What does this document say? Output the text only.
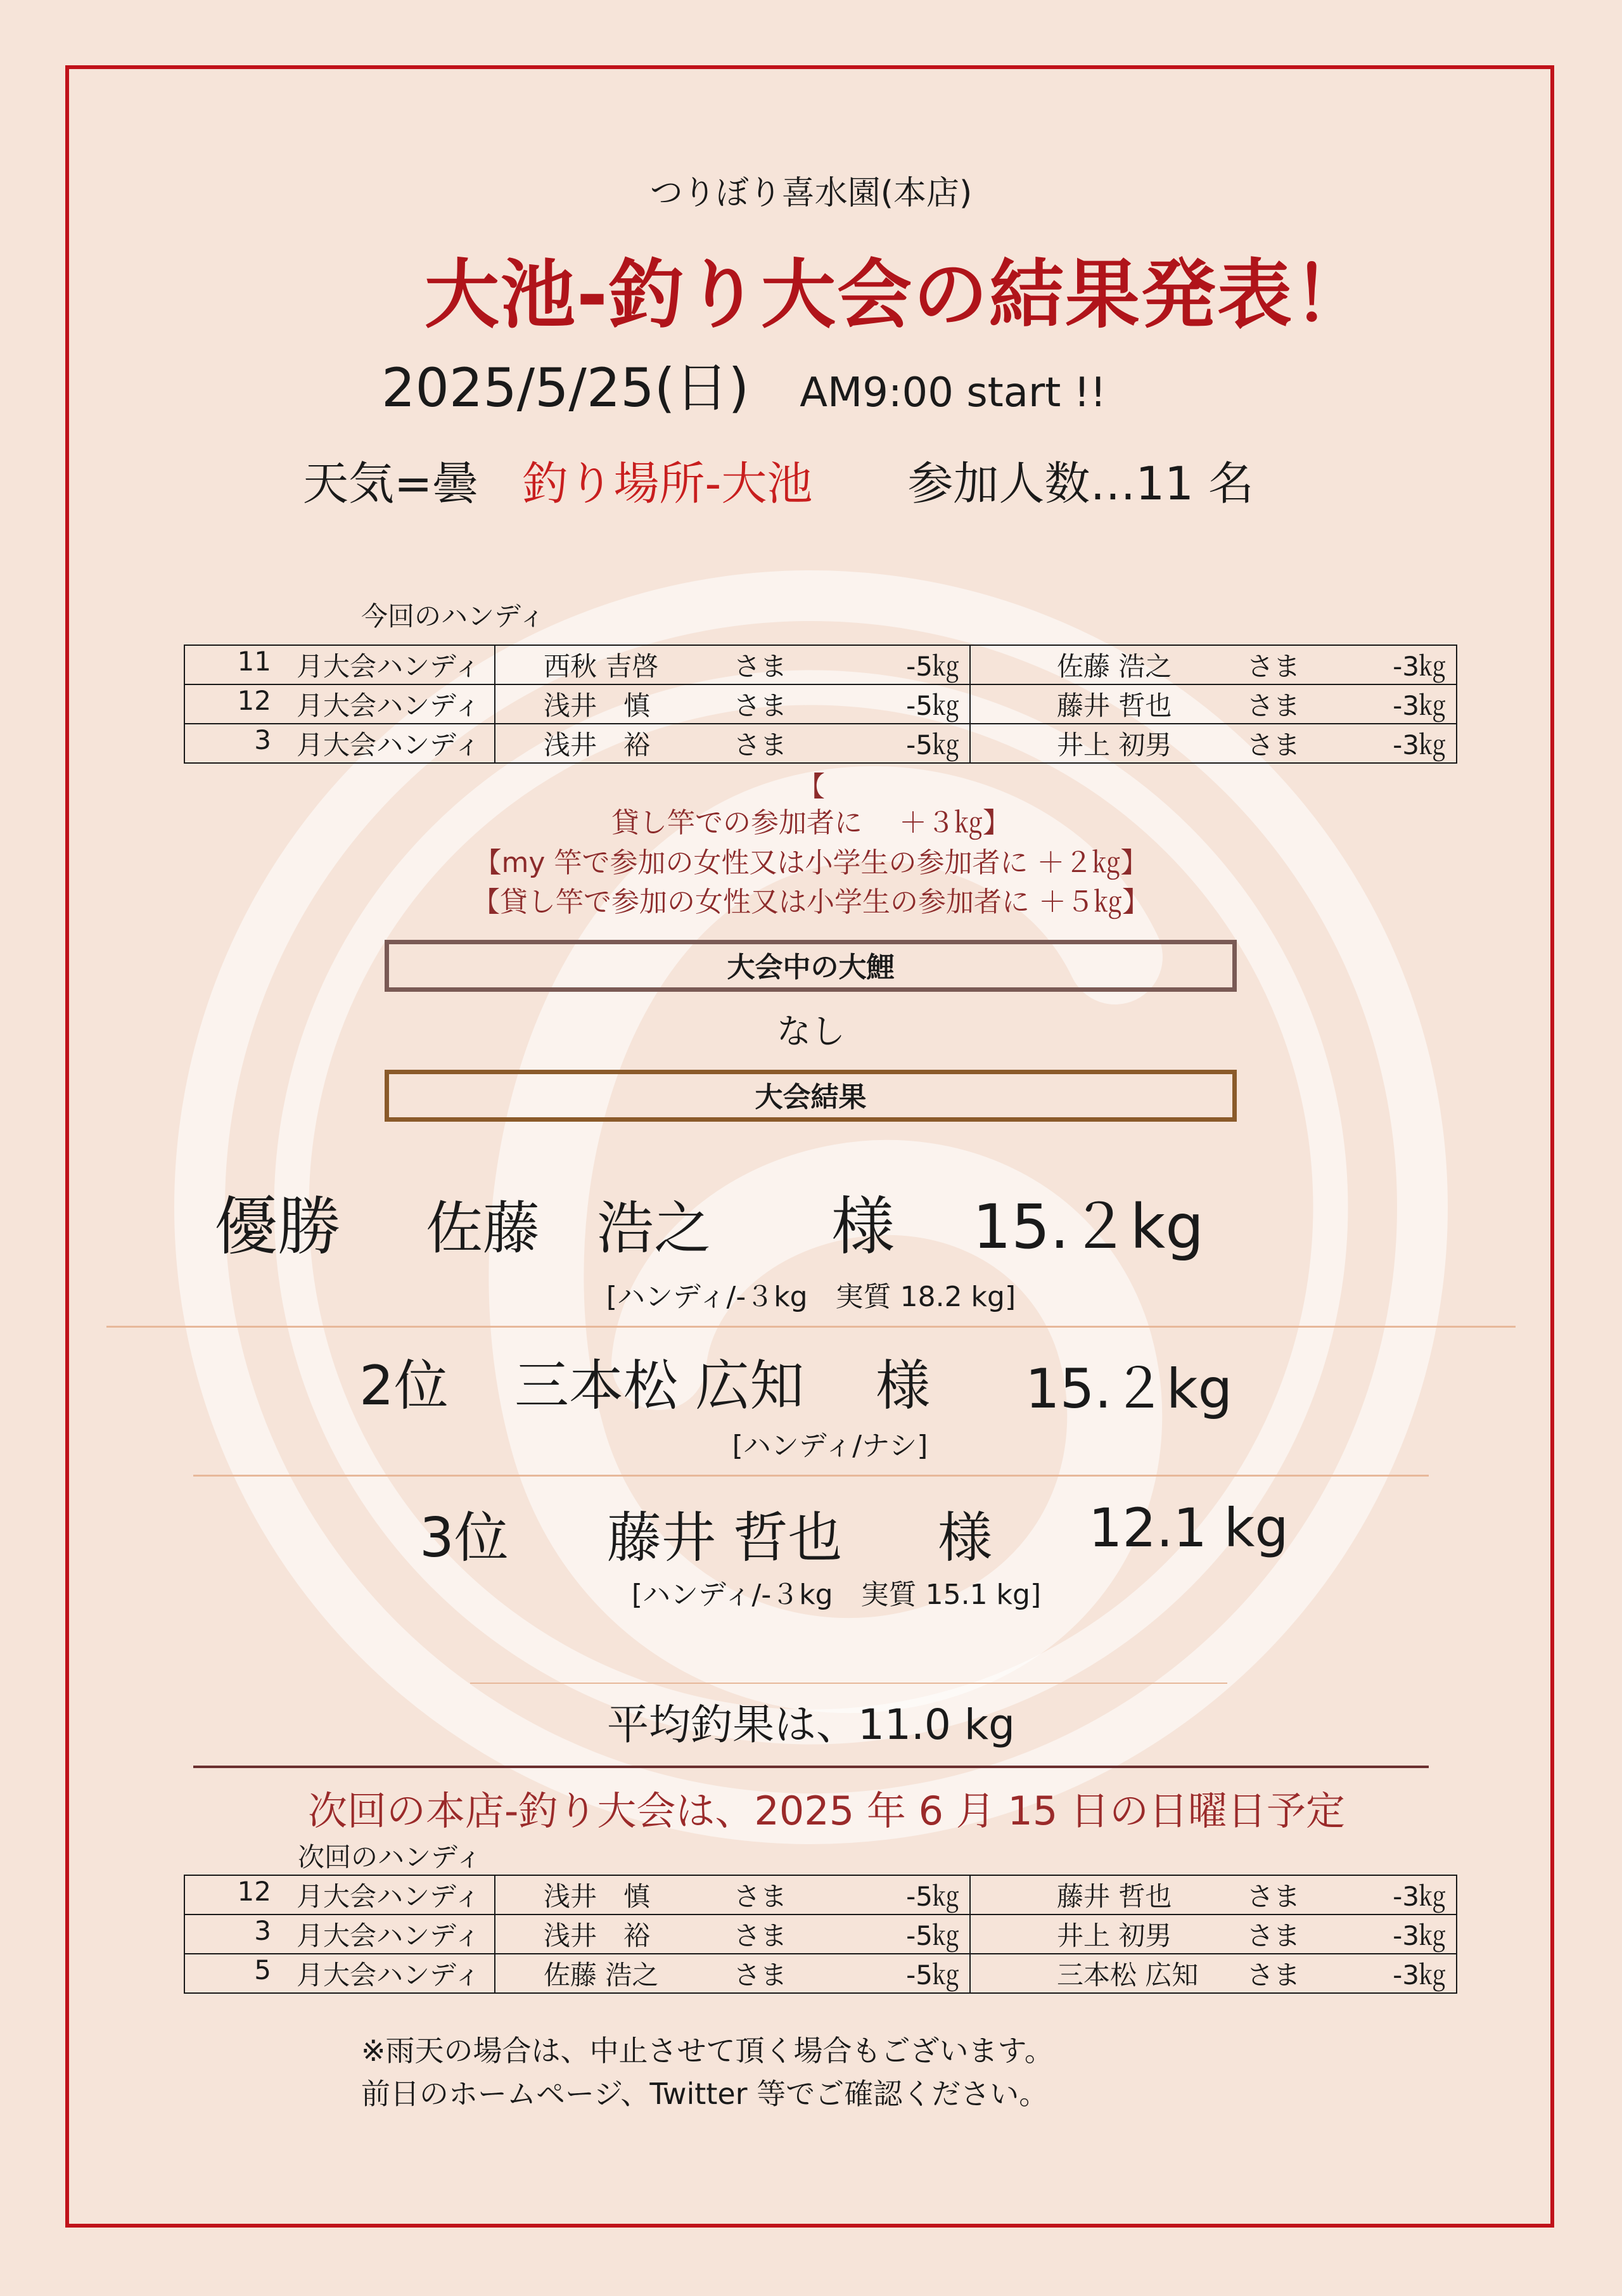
つりぼり喜水園(本店)
大池-釣り大会の結果発表！
2025/5/25(日) AM9:00 start !!
天気=曇 釣り場所-大池 参加人数…11 名
今回のハンディ
11 月大会ハンディ	西秋 吉啓 さま -5㎏	佐藤 浩之 さま -3㎏

12 月大会ハンディ	浅井　慎 さま -5㎏	藤井 哲也 さま -3㎏

3 月大会ハンディ	浅井　裕 さま -5㎏	井上 初男 さま -3㎏
【
貸し竿での参加者に　 ＋３㎏】
【my 竿で参加の女性又は小学生の参加者に ＋２㎏】
【貸し竿で参加の女性又は小学生の参加者に ＋５㎏】
大会中の大鯉
なし
大会結果
優勝 佐藤　浩之 様 15.２kg
[ハンディ/-３kg　実質 18.2 kg]
2位 三本松 広知 様 15.２kg
[ハンディ/ナシ]
3位 藤井 哲也 様 12.1 kg
[ハンディ/-３kg　実質 15.1 kg]
平均釣果は、11.0 kg
次回の本店-釣り大会は、2025 年 6 月 15 日の日曜日予定
次回のハンディ
12 月大会ハンディ	浅井　慎 さま -5㎏	藤井 哲也 さま -3㎏

3 月大会ハンディ	浅井　裕 さま -5㎏	井上 初男 さま -3㎏

5 月大会ハンディ	佐藤 浩之 さま -5㎏	三本松 広知 さま -3㎏
※雨天の場合は、中止させて頂く場合もございます。
前日のホームページ、Twitter 等でご確認ください。
